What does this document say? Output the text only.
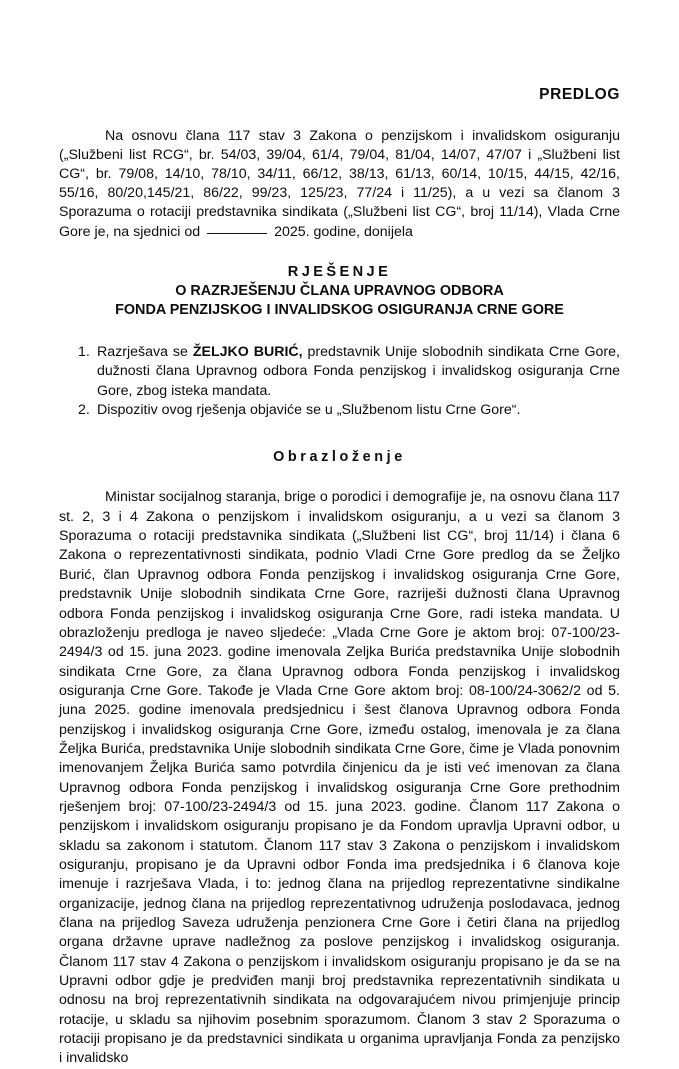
PREDLOG

Na osnovu člana 117 stav 3 Zakona o penzijskom i invalidskom osiguranju („Službeni list RCG“, br. 54/03, 39/04, 61/4, 79/04, 81/04, 14/07, 47/07 i „Službeni list CG“, br. 79/08, 14/10, 78/10, 34/11, 66/12, 38/13, 61/13, 60/14, 10/15, 44/15, 42/16, 55/16, 80/20,145/21, 86/22, 99/23, 125/23, 77/24 i 11/25), a u vezi sa članom 3 Sporazuma o rotaciji predstavnika sindikata („Službeni list CG“, broj 11/14), Vlada Crne Gore je, na sjednici od	2025. godine, donijela

RJEŠENJE
O RAZRJEŠENJU ČLANA UPRAVNOG ODBORA
FONDA PENZIJSKOG I INVALIDSKOG OSIGURANJA CRNE GORE
Razrješava se ŽELJKO BURIĆ, predstavnik Unije slobodnih sindikata Crne Gore, dužnosti člana Upravnog odbora Fonda penzijskog i invalidskog osiguranja Crne Gore, zbog isteka mandata.
Dispozitiv ovog rješenja objaviće se u „Službenom listu Crne Gore“.
Obrazloženje

Ministar socijalnog staranja, brige o porodici i demografije je, na osnovu člana 117 st. 2, 3 i 4 Zakona o penzijskom i invalidskom osiguranju, a u vezi sa članom 3 Sporazuma o rotaciji predstavnika sindikata („Službeni list CG“, broj 11/14) i člana 6 Zakona o reprezentativnosti sindikata, podnio Vladi Crne Gore predlog da se Željko Burić, član Upravnog odbora Fonda penzijskog i invalidskog osiguranja Crne Gore, predstavnik Unije slobodnih sindikata Crne Gore, razriješi dužnosti člana Upravnog odbora Fonda penzijskog i invalidskog osiguranja Crne Gore, radi isteka mandata. U obrazloženju predloga je naveo sljedeće: „Vlada Crne Gore je aktom broj: 07-100/23-2494/3 od 15. juna 2023. godine imenovala Zeljka Burića predstavnika Unije slobodnih sindikata Crne Gore, za člana Upravnog odbora Fonda penzijskog i invalidskog osiguranja Crne Gore. Takođe je Vlada Crne Gore aktom broj: 08-100/24-3062/2 od 5. juna 2025. godine imenovala predsjednicu i šest članova Upravnog odbora Fonda penzijskog i invalidskog osiguranja Crne Gore, između ostalog, imenovala je za člana Željka Burića, predstavnika Unije slobodnih sindikata Crne Gore, čime je Vlada ponovnim imenovanjem Željka Burića samo potvrdila činjenicu da je isti već imenovan za člana Upravnog odbora Fonda penzijskog i invalidskog osiguranja Crne Gore prethodnim rješenjem broj: 07-100/23-2494/3 od 15. juna 2023. godine. Članom 117 Zakona o penzijskom i invalidskom osiguranju propisano je da Fondom upravlja Upravni odbor, u skladu sa zakonom i statutom. Članom 117 stav 3 Zakona o penzijskom i invalidskom osiguranju, propisano je da Upravni odbor Fonda ima predsjednika i 6 članova koje imenuje i razrješava Vlada, i to: jednog člana na prijedlog reprezentativne sindikalne organizacije, jednog člana na prijedlog reprezentativnog udruženja poslodavaca, jednog člana na prijedlog Saveza udruženja penzionera Crne Gore i četiri člana na prijedlog organa državne uprave nadležnog za poslove penzijskog i invalidskog osiguranja. Članom 117 stav 4 Zakona o penzijskom i invalidskom osiguranju propisano je da se na Upravni odbor gdje je predviđen manji broj predstavnika reprezentativnih sindikata u odnosu na broj reprezentativnih sindikata na odgovarajućem nivou primjenjuje princip rotacije, u skladu sa njihovim posebnim sporazumom. Članom 3 stav 2 Sporazuma o rotaciji propisano je da predstavnici sindikata u organima upravljanja Fonda za penzijsko i invalidsko
